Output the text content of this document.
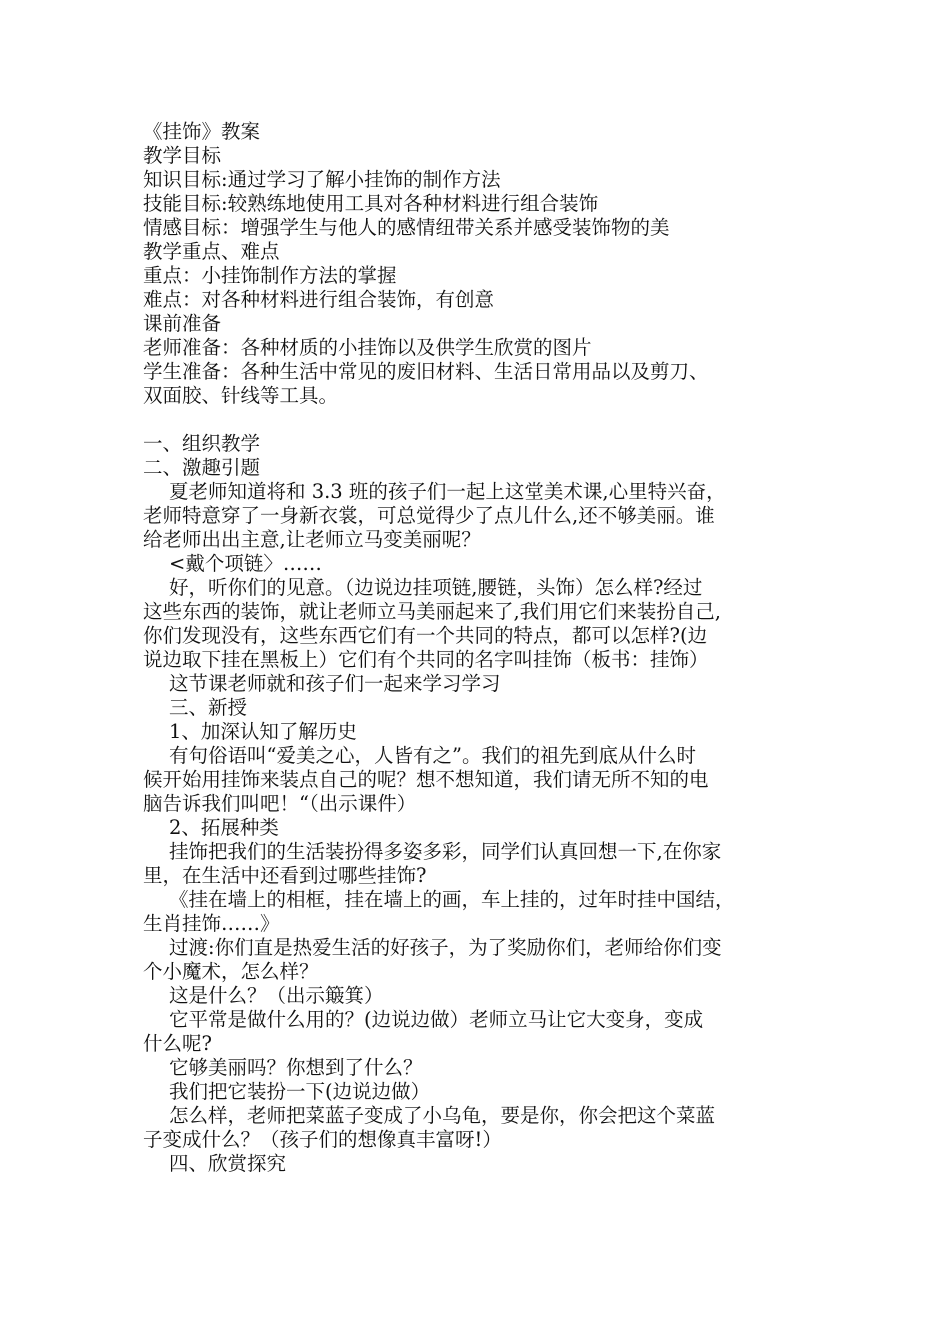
《挂饰》教案
教学目标
知识目标:通过学习了解小挂饰的制作方法
技能目标:较熟练地使用工具对各种材料进行组合装饰
情感目标：增强学生与他人的感情纽带关系并感受装饰物的美
教学重点、难点
重点：小挂饰制作方法的掌握
难点：对各种材料进行组合装饰，有创意
课前准备
老师准备：各种材质的小挂饰以及供学生欣赏的图片
学生准备：各种生活中常见的废旧材料、生活日常用品以及剪刀、
双面胶、针线等工具。
一、组织教学
二、激趣引题
夏老师知道将和 3.3 班的孩子们一起上这堂美术课,心里特兴奋，
老师特意穿了一身新衣裳，可总觉得少了点儿什么,还不够美丽。谁
给老师出出主意,让老师立马变美丽呢？
<戴个项链〉……
好，听你们的见意。（边说边挂项链,腰链，头饰）怎么样?经过
这些东西的装饰，就让老师立马美丽起来了,我们用它们来装扮自己,
你们发现没有，这些东西它们有一个共同的特点，都可以怎样?(边
说边取下挂在黑板上）它们有个共同的名字叫挂饰（板书：挂饰）
这节课老师就和孩子们一起来学习学习
三、新授
1、加深认知了解历史
有句俗语叫“爱美之心，人皆有之”。我们的祖先到底从什么时
候开始用挂饰来装点自己的呢？想不想知道，我们请无所不知的电
脑告诉我们叫吧！“（出示课件）
2、拓展种类
挂饰把我们的生活装扮得多姿多彩，同学们认真回想一下,在你家
里，在生活中还看到过哪些挂饰?
《挂在墙上的相框，挂在墙上的画，车上挂的，过年时挂中国结，
生肖挂饰……》
过渡:你们直是热爱生活的好孩子，为了奖励你们，老师给你们变
个小魔术，怎么样？
这是什么？（出示簸箕）
它平常是做什么用的？(边说边做）老师立马让它大变身，变成
什么呢?
它够美丽吗？你想到了什么？
我们把它装扮一下(边说边做）
怎么样，老师把菜蓝子变成了小乌龟，要是你，你会把这个菜蓝
子变成什么？（孩子们的想像真丰富呀!）
四、欣赏探究
